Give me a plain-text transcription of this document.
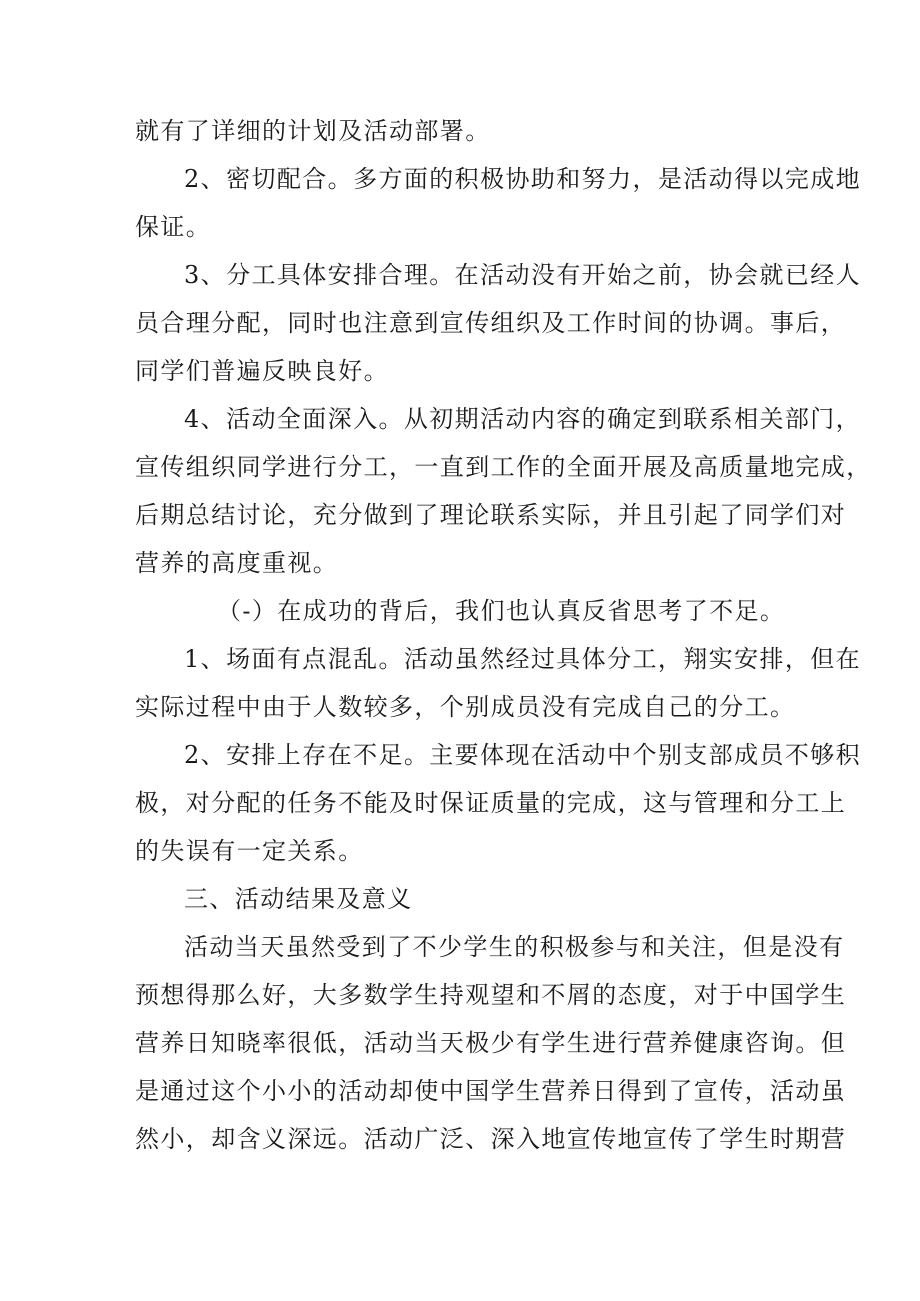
就有了详细的计划及活动部署。
2、密切配合。多方面的积极协助和努力，是活动得以完成地
保证。
3、分工具体安排合理。在活动没有开始之前，协会就已经人
员合理分配，同时也注意到宣传组织及工作时间的协调。事后，
同学们普遍反映良好。
4、活动全面深入。从初期活动内容的确定到联系相关部门，
宣传组织同学进行分工，一直到工作的全面开展及高质量地完成，
后期总结讨论，充分做到了理论联系实际，并且引起了同学们对
营养的高度重视。
（-）在成功的背后，我们也认真反省思考了不足。
1、场面有点混乱。活动虽然经过具体分工，翔实安排，但在
实际过程中由于人数较多，个别成员没有完成自己的分工。
2、安排上存在不足。主要体现在活动中个别支部成员不够积
极，对分配的任务不能及时保证质量的完成，这与管理和分工上
的失误有一定关系。
三、活动结果及意义
活动当天虽然受到了不少学生的积极参与和关注，但是没有
预想得那么好，大多数学生持观望和不屑的态度，对于中国学生
营养日知晓率很低，活动当天极少有学生进行营养健康咨询。但
是通过这个小小的活动却使中国学生营养日得到了宣传，活动虽
然小，却含义深远。活动广泛、深入地宣传地宣传了学生时期营
